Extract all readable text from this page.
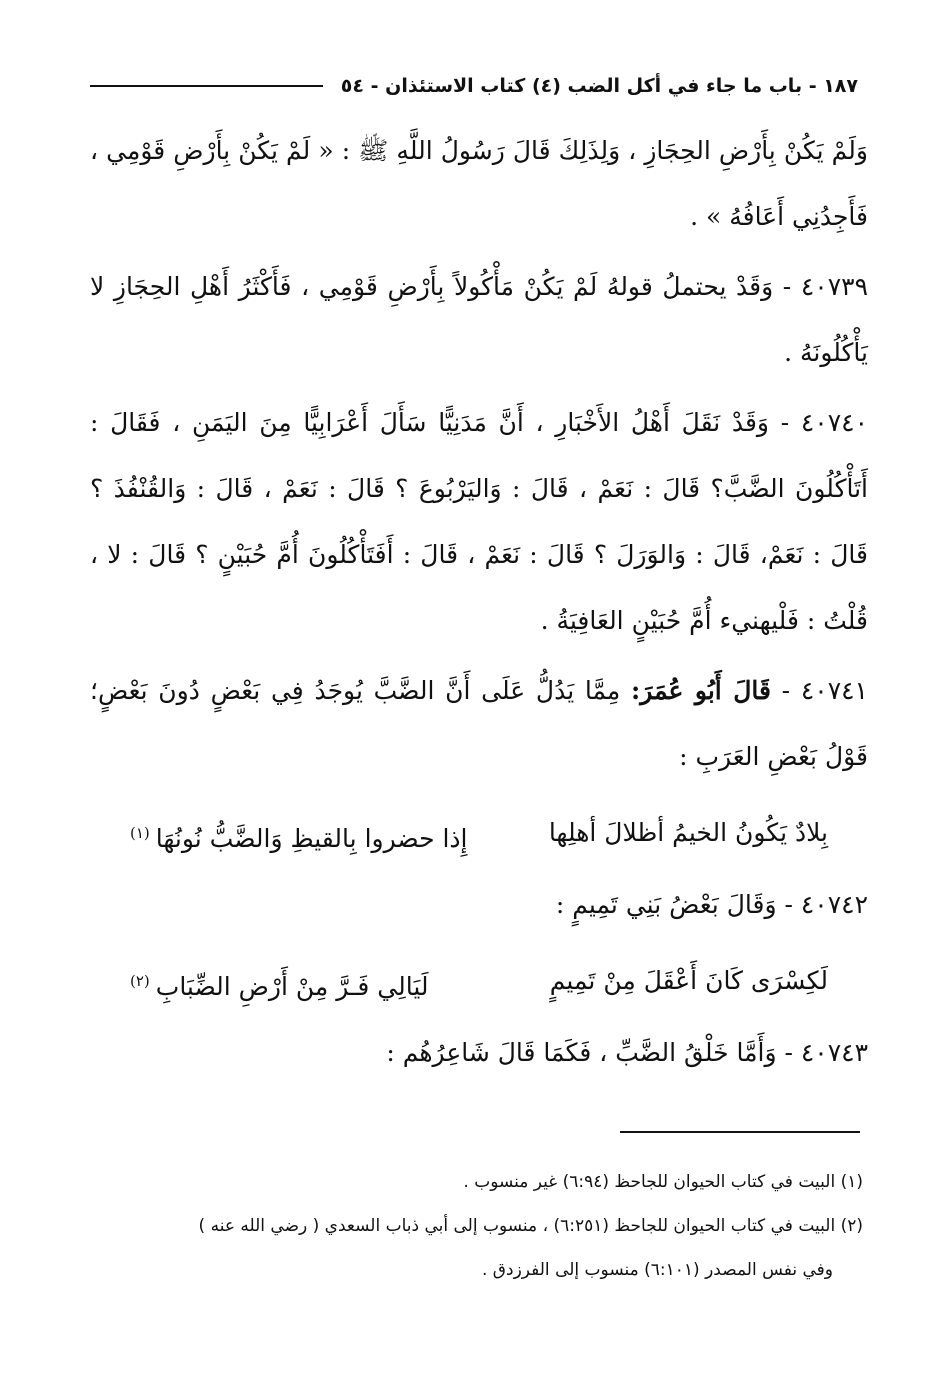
١٨٧ - باب ما جاء في أكل الضب (٤) كتاب الاستئذان - ٥٤

وَلَمْ يَكُنْ بِأَرْضِ الحِجَازِ ، وَلِذَلِكَ قَالَ رَسُولُ اللَّهِ ﷺ : « لَمْ يَكُنْ بِأَرْضِ قَوْمِي ، فَأَجِدُنِي أَعَافُهُ » .

٤٠٧٣٩ - وَقَدْ يحتملُ قولهُ لَمْ يَكُنْ مَأْكُولاً بِأَرْضِ قَوْمِي ، فَأَكْثَرُ أَهْلِ الحِجَازِ لا يَأْكُلُونَهُ .

٤٠٧٤٠ - وَقَدْ نَقَلَ أَهْلُ الأَخْبَارِ ، أَنَّ مَدَنِيًّا سَأَلَ أَعْرَابِيًّا مِنَ اليَمَنِ ، فَقَالَ : أَتَأْكُلُونَ الضَّبَّ؟ قَالَ : نَعَمْ ، قَالَ : وَاليَرْبُوعَ ؟ قَالَ : نَعَمْ ، قَالَ : وَالقُنْفُذَ ؟ قَالَ : نَعَمْ، قَالَ : وَالوَرَلَ ؟ قَالَ : نَعَمْ ، قَالَ : أَفَتَأْكُلُونَ أُمَّ حُبَيْنٍ ؟ قَالَ : لا ، قُلْتُ : فَلْيهنيء أُمَّ حُبَيْنٍ العَافِيَةُ .

٤٠٧٤١ - قَالَ أَبُو عُمَرَ: مِمَّا يَدُلُّ عَلَى أَنَّ الضَّبَّ يُوجَدُ فِي بَعْضٍ دُونَ بَعْضٍ؛ قَوْلُ بَعْضِ العَرَبِ :

بِلادٌ يَكُونُ الخيمُ أظلالَ أهلِها
إِذا حضروا بِالقيظِ وَالضَّبُّ نُونُهَا$^{(١)}$

٤٠٧٤٢ - وَقَالَ بَعْضُ بَنِي تَمِيمٍ :

لَكِسْرَى كَانَ أَعْقَلَ مِنْ تَمِيمٍ
لَيَالِي فَـرَّ مِنْ أَرْضِ الضِّبَابِ$^{(٢)}$

٤٠٧٤٣ - وَأَمَّا خَلْقُ الضَّبِّ ، فَكَمَا قَالَ شَاعِرُهُم :

(١) البيت في كتاب الحيوان للجاحظ (٦:٩٤) غير منسوب .

(٢) البيت في كتاب الحيوان للجاحظ (٦:٢٥١) ، منسوب إلى أبي ذباب السعدي ( رضي الله عنه )

وفي نفس المصدر (٦:١٠١) منسوب إلى الفرزدق .
